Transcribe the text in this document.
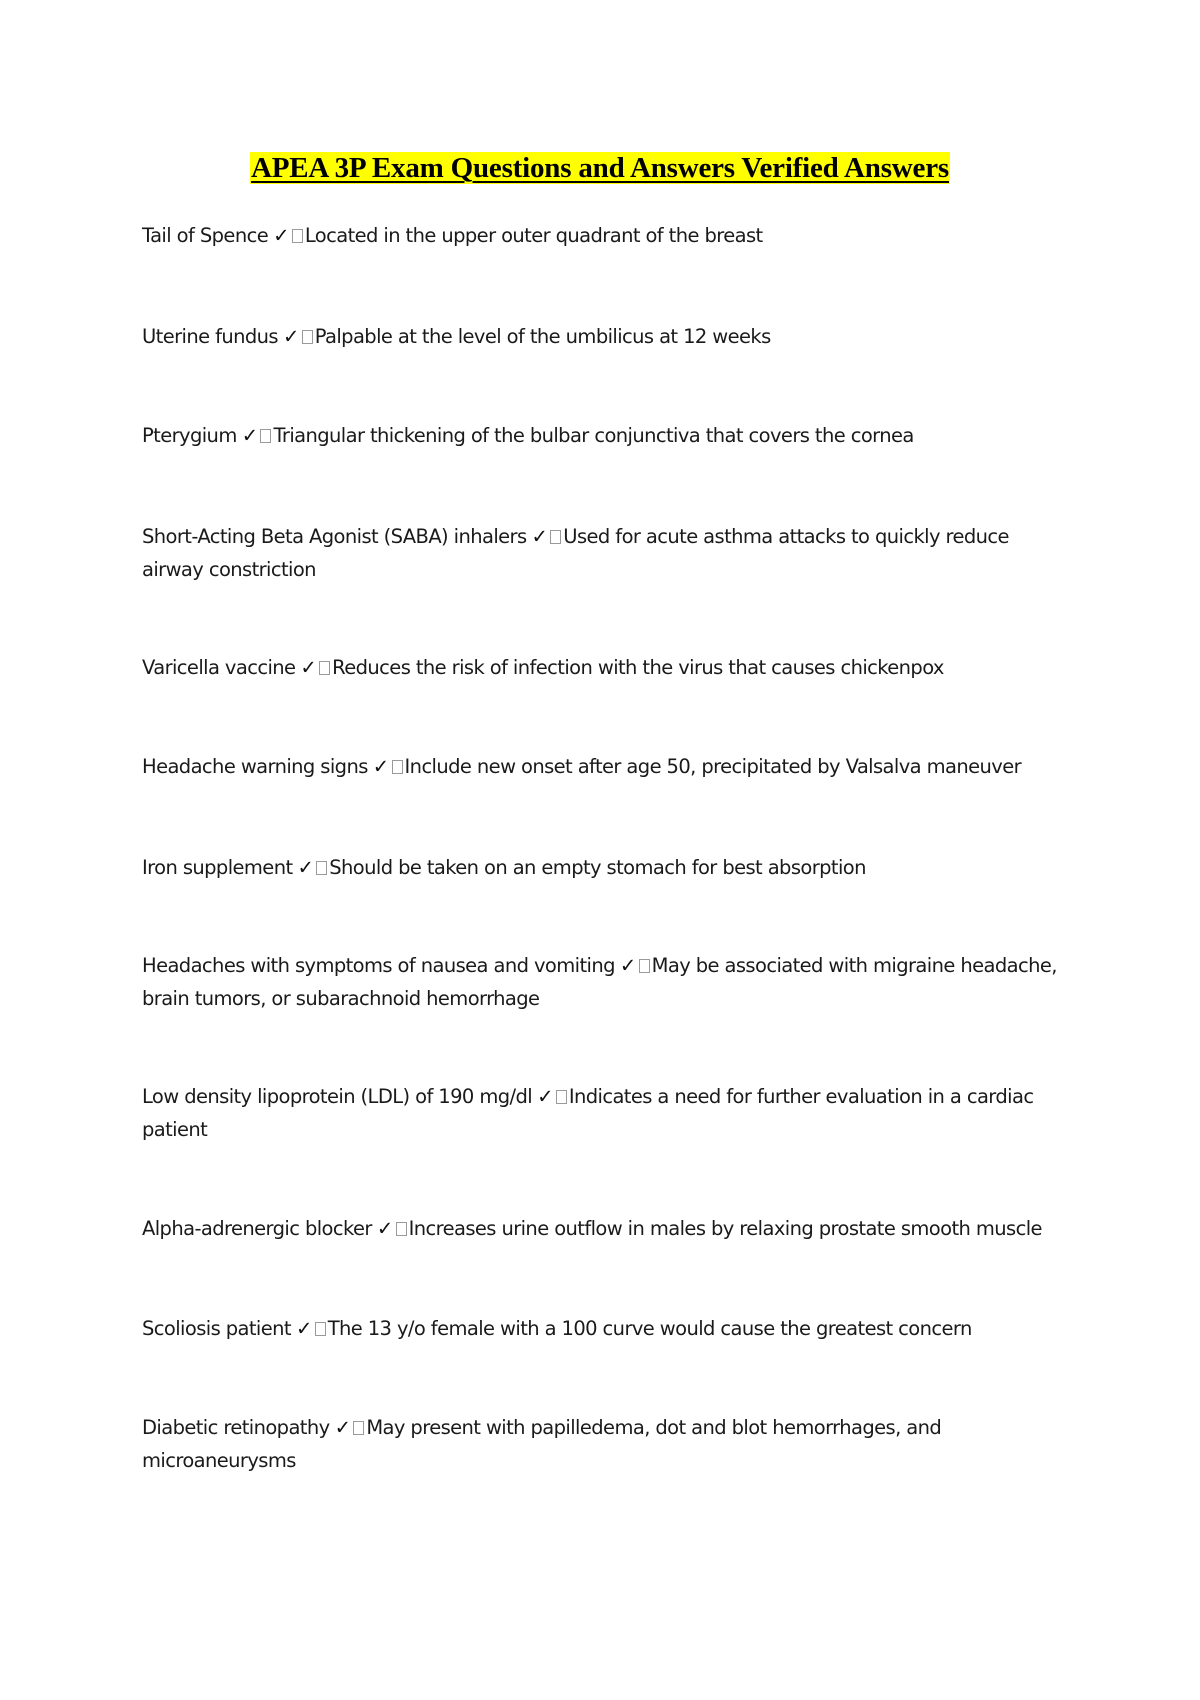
APEA 3P Exam Questions and Answers Verified Answers
Tail of Spence ✓ Located in the upper outer quadrant of the breast
Uterine fundus ✓ Palpable at the level of the umbilicus at 12 weeks
Pterygium ✓ Triangular thickening of the bulbar conjunctiva that covers the cornea
Short-Acting Beta Agonist (SABA) inhalers ✓ Used for acute asthma attacks to quickly reduce airway constriction
Varicella vaccine ✓ Reduces the risk of infection with the virus that causes chickenpox
Headache warning signs ✓ Include new onset after age 50, precipitated by Valsalva maneuver
Iron supplement ✓ Should be taken on an empty stomach for best absorption
Headaches with symptoms of nausea and vomiting ✓ May be associated with migraine headache, brain tumors, or subarachnoid hemorrhage
Low density lipoprotein (LDL) of 190 mg/dl ✓ Indicates a need for further evaluation in a cardiac patient
Alpha-adrenergic blocker ✓ Increases urine outflow in males by relaxing prostate smooth muscle
Scoliosis patient ✓ The 13 y/o female with a 100 curve would cause the greatest concern
Diabetic retinopathy ✓ May present with papilledema, dot and blot hemorrhages, and microaneurysms
